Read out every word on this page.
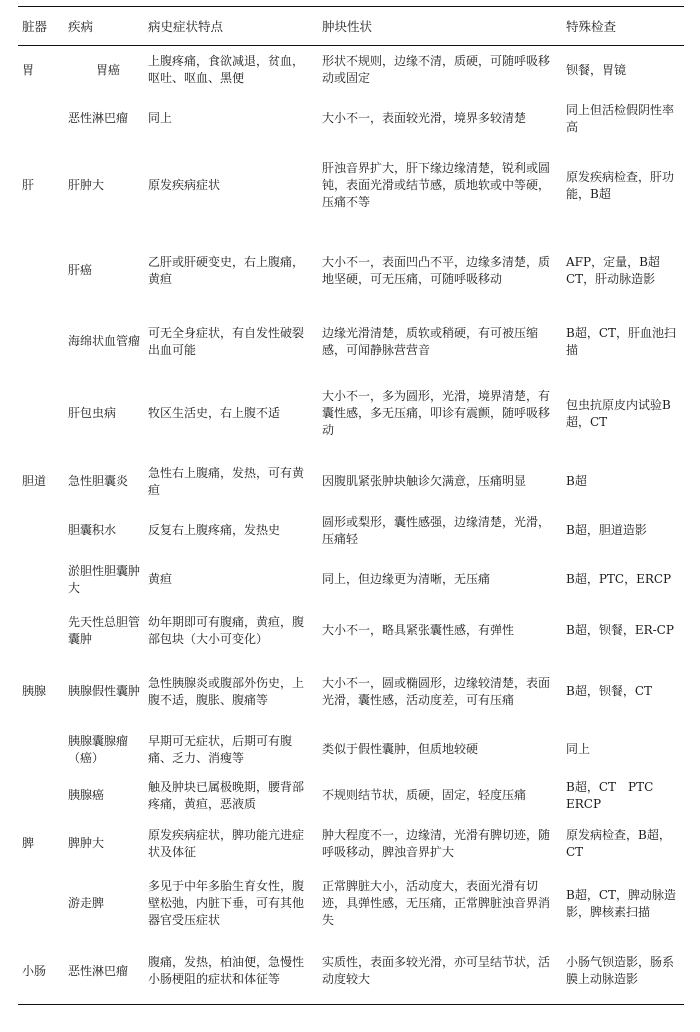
脏器	疾病	病史症状特点	肿块性状	特殊检查
胃	胃癌	上腹疼痛，食欲减退，贫血，呕吐、呕血、黑便	形状不规则，边缘不清，质硬，可随呼吸移动或固定	钡餐，胃镜
	恶性淋巴瘤	同上	大小不一，表面较光滑，境界多较清楚	同上但活检假阴性率高
肝	肝肿大	原发疾病症状	肝浊音界扩大，肝下缘边缘清楚，锐利或圆钝，表面光滑或结节感，质地软或中等硬，压痛不等	原发疾病检查，肝功能，B超
	肝癌	乙肝或肝硬变史，右上腹痛，黄疸	大小不一，表面凹凸不平，边缘多清楚，质地坚硬，可无压痛，可随呼吸移动	AFP，定量，B超CT，肝动脉造影
	海绵状血管瘤	可无全身症状，有自发性破裂出血可能	边缘光滑清楚，质软或稍硬，有可被压缩感，可闻静脉营营音	B超，CT，肝血池扫描
	肝包虫病	牧区生活史，右上腹不适	大小不一，多为圆形，光滑，境界清楚，有囊性感，多无压痛，叩诊有震颤，随呼吸移动	包虫抗原皮内试验B超，CT
胆道	急性胆囊炎	急性右上腹痛，发热，可有黄疸	因腹肌紧张肿块触诊欠满意，压痛明显	B超
	胆囊积水	反复右上腹疼痛，发热史	圆形或梨形，囊性感强，边缘清楚，光滑，压痛轻	B超，胆道造影
	淤胆性胆囊肿大	黄疸	同上，但边缘更为清晰，无压痛	B超，PTC，ERCP
	先天性总胆管囊肿	幼年期即可有腹痛，黄疸，腹部包块（大小可变化）	大小不一，略具紧张囊性感，有弹性	B超，钡餐，ER-CP
胰腺	胰腺假性囊肿	急性胰腺炎或腹部外伤史，上腹不适，腹胀、腹痛等	大小不一，圆或椭圆形，边缘较清楚，表面光滑，囊性感，活动度差，可有压痛	B超，钡餐，CT
	胰腺囊腺瘤（癌）	早期可无症状，后期可有腹痛、乏力、消瘦等	类似于假性囊肿，但质地较硬	同上
	胰腺癌	触及肿块已属极晚期，腰背部疼痛，黄疸，恶液质	不规则结节状，质硬，固定，轻度压痛	B超，CT　PTC ERCP
脾	脾肿大	原发疾病症状，脾功能亢进症状及体征	肿大程度不一，边缘清，光滑有脾切迹，随呼吸移动，脾浊音界扩大	原发病检查，B超，CT
	游走脾	多见于中年多胎生育女性，腹壁松弛，内脏下垂，可有其他器官受压症状	正常脾脏大小，活动度大，表面光滑有切迹，具弹性感，无压痛，正常脾脏浊音界消失	B超，CT，脾动脉造影，脾核素扫描
小肠	恶性淋巴瘤	腹痛，发热，柏油便，急慢性小肠梗阻的症状和体征等	实质性，表面多较光滑，亦可呈结节状，活动度较大	小肠气钡造影，肠系膜上动脉造影
